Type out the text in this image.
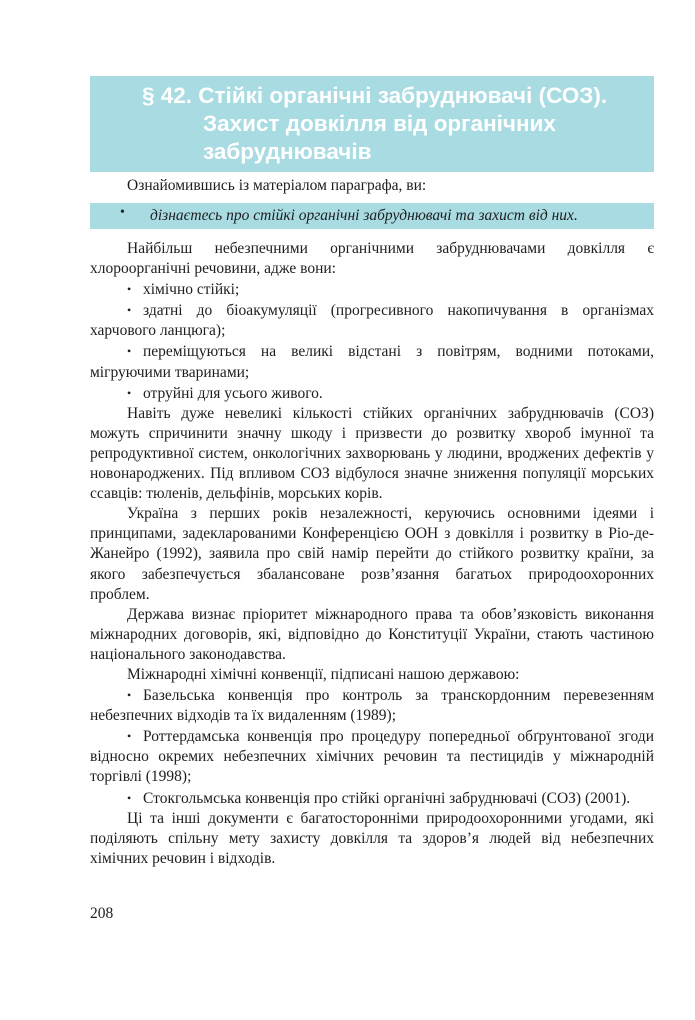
§ 42. Стійкі органічні забруднювачі (СОЗ).
Захист довкілля від органічних
забруднювачів
Ознайомившись із матеріалом параграфа, ви:
• дізнаєтесь про стійкі органічні забруднювачі та захист від них.

Найбільш небезпечними органічними забруднювачами довкілля є хлороорганічні речовини, адже вони:

• хімічно стійкі;

• здатні до біоакумуляції (прогресивного накопичування в організмах харчового ланцюга);

• переміщуються на великі відстані з повітрям, водними потоками, мігруючими тваринами;

• отруйні для усього живого.

Навіть дуже невеликі кількості стійких органічних забруднювачів (СОЗ) можуть спричинити значну шкоду і призвести до розвитку хвороб імунної та репродуктивної систем, онкологічних захворювань у людини, вроджених дефектів у новонароджених. Під впливом СОЗ відбулося значне зниження популяції морських ссавців: тюленів, дельфінів, морських корів.

Україна з перших років незалежності, керуючись основними ідеями і принципами, задекларованими Конференцією ООН з довкілля і розвитку в Ріо-де-Жанейро (1992), заявила про свій намір перейти до стійкого розвитку країни, за якого забезпечується збалансоване розв’язання багатьох природоохоронних проблем.

Держава визнає пріоритет міжнародного права та обов’язковість виконання міжнародних договорів, які, відповідно до Конституції України, стають частиною національного законодавства.

Міжнародні хімічні конвенції, підписані нашою державою:

• Базельська конвенція про контроль за транскордонним перевезенням небезпечних відходів та їх видаленням (1989);

• Роттердамська конвенція про процедуру попередньої обґрунтованої згоди відносно окремих небезпечних хімічних речовин та пестицидів у міжнародній торгівлі (1998);

• Стокгольмська конвенція про стійкі органічні забруднювачі (СОЗ) (2001).

Ці та інші документи є багатосторонніми природоохоронними угодами, які поділяють спільну мету захисту довкілля та здоров’я людей від небезпечних хімічних речовин і відходів.

208
